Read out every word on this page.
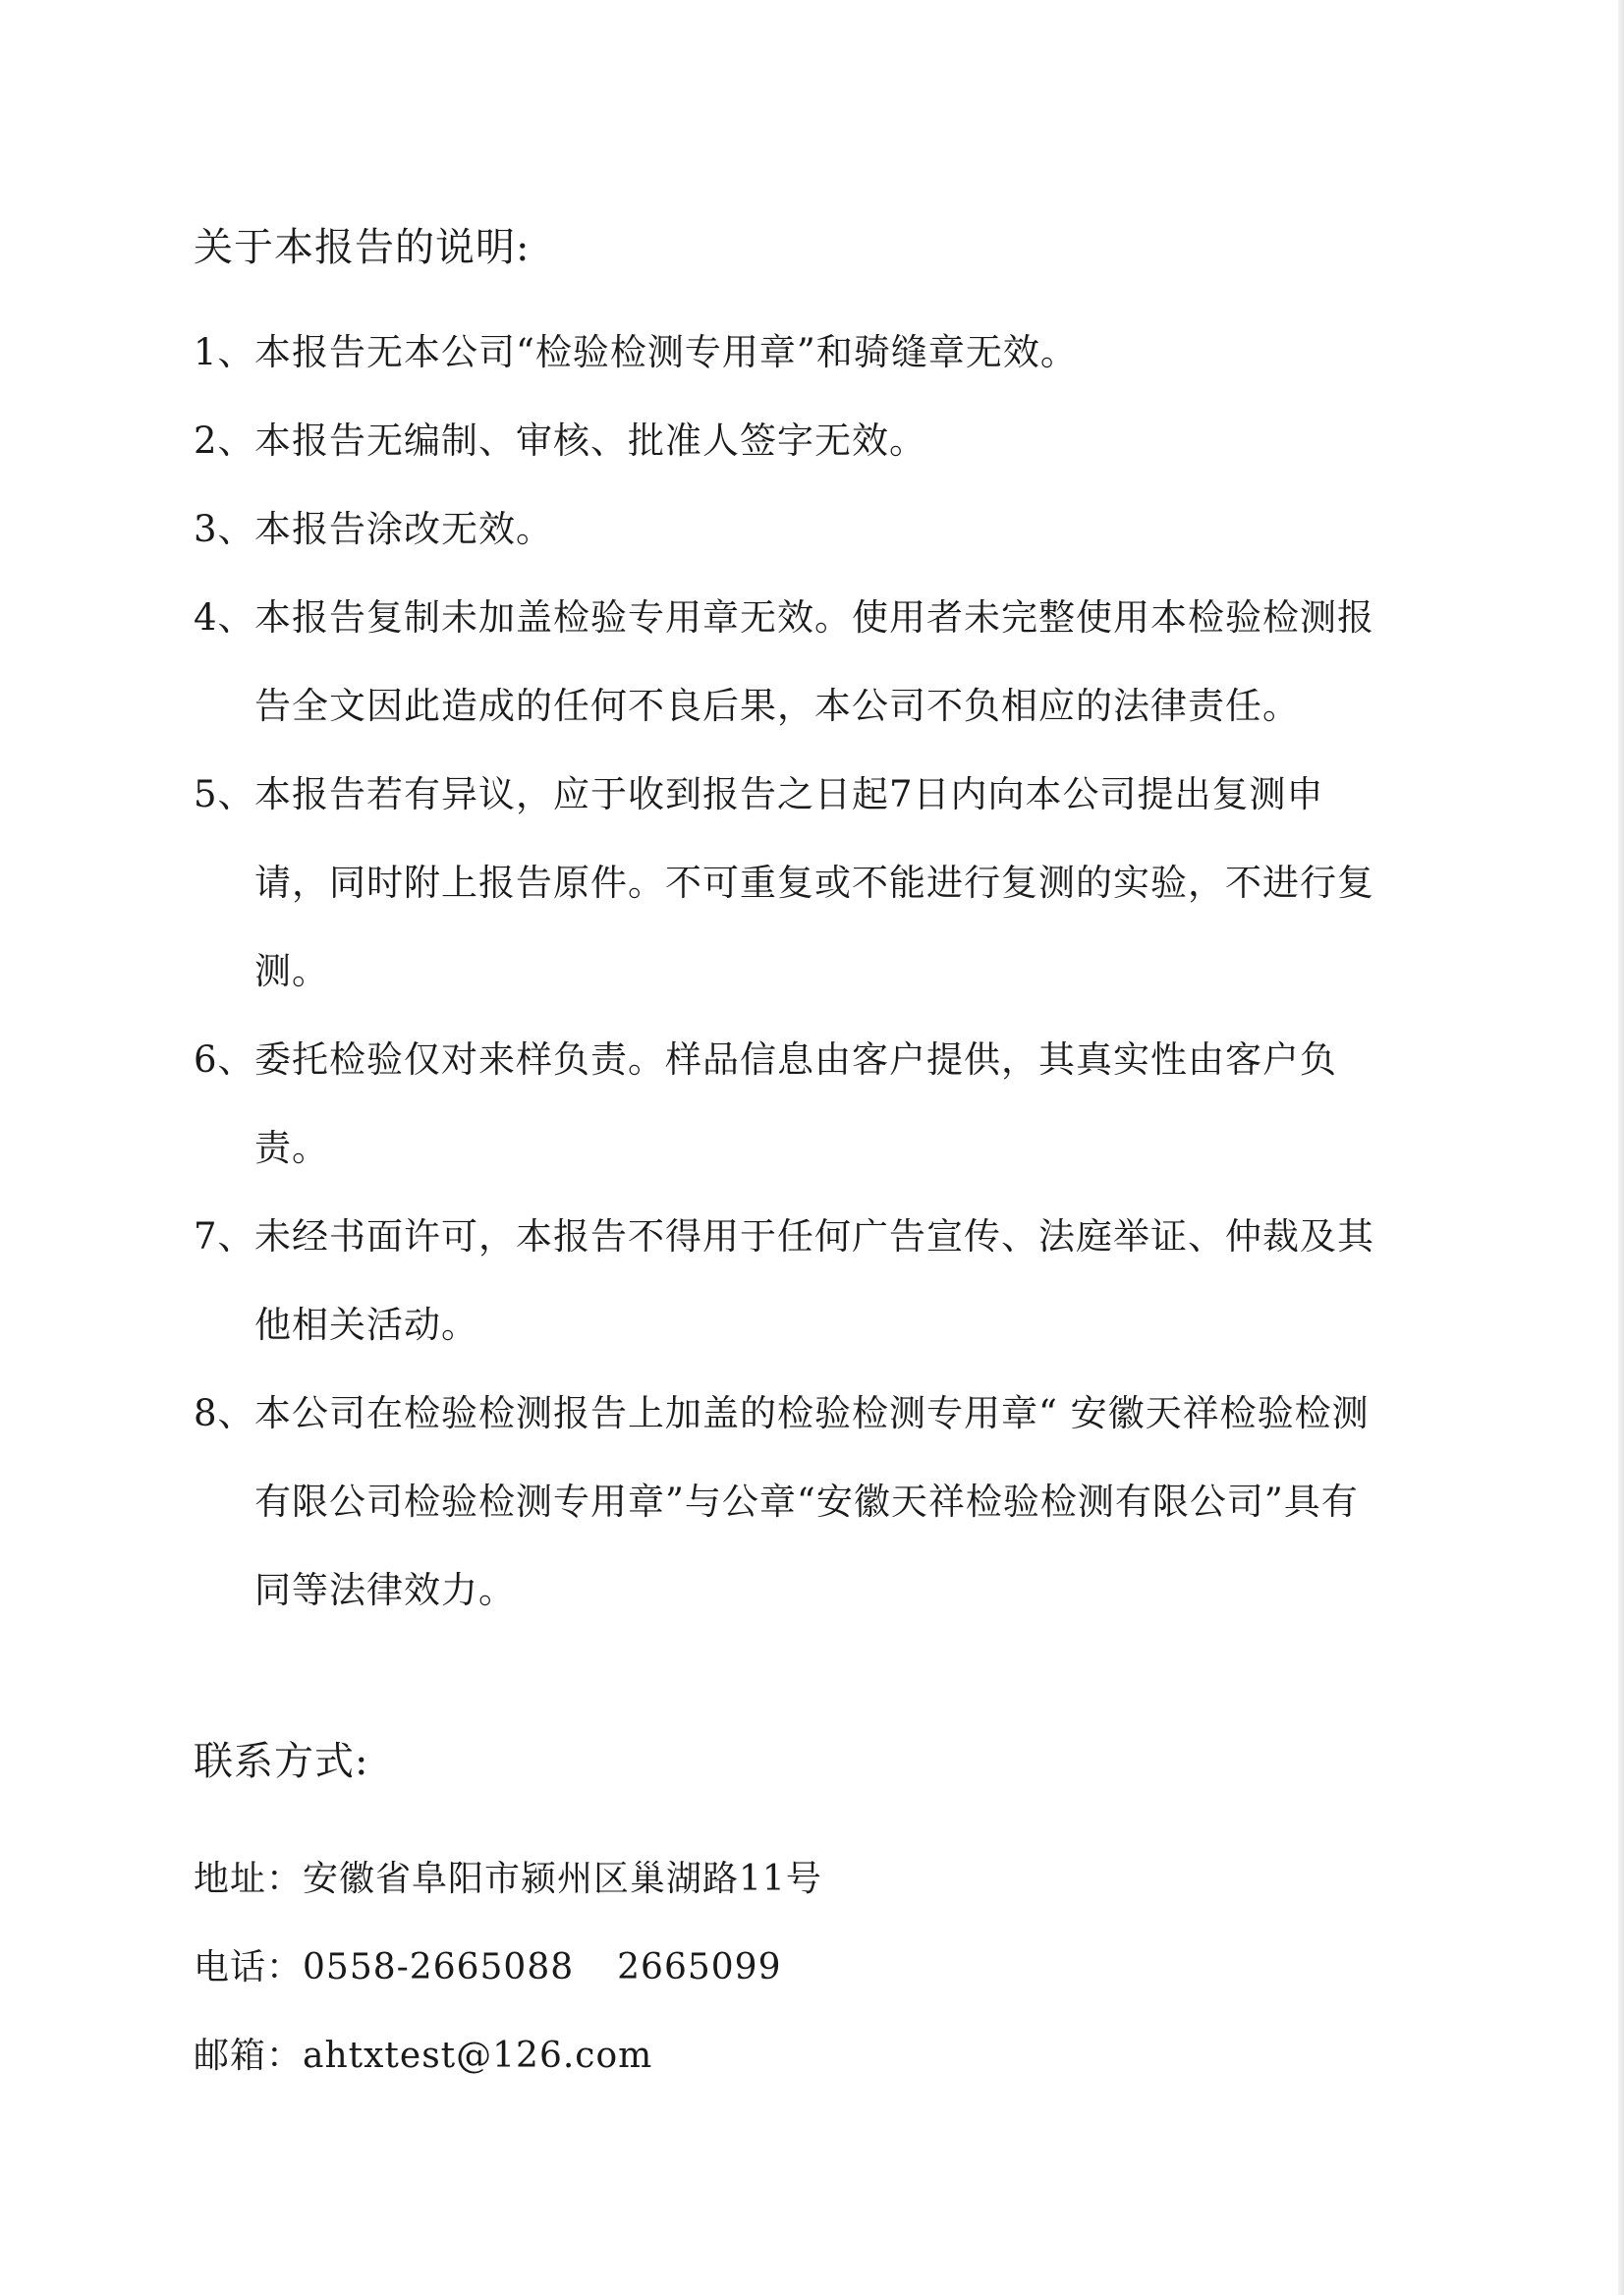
关于本报告的说明:
1、 本报告无本公司“检验检测专用章”和骑缝章无效。
2、 本报告无编制、审核、批准人签字无效。
3、 本报告涂改无效。
4、 本报告复制未加盖检验专用章无效。使用者未完整使用本检验检测报告全文因此造成的任何不良后果，本公司不负相应的法律责任。
5、 本报告若有异议，应于收到报告之日起7日内向本公司提出复测申请，同时附上报告原件。不可重复或不能进行复测的实验，不进行复测。
6、 委托检验仅对来样负责。样品信息由客户提供，其真实性由客户负责。
7、 未经书面许可，本报告不得用于任何广告宣传、法庭举证、仲裁及其他相关活动。
8、 本公司在检验检测报告上加盖的检验检测专用章“ 安徽天祥检验检测有限公司检验检测专用章”与公章“安徽天祥检验检测有限公司”具有同等法律效力。
联系方式:
地址：安徽省阜阳市颍州区巢湖路11号
电话：0558-2665088 2665099
邮箱：ahtxtest@126.com
